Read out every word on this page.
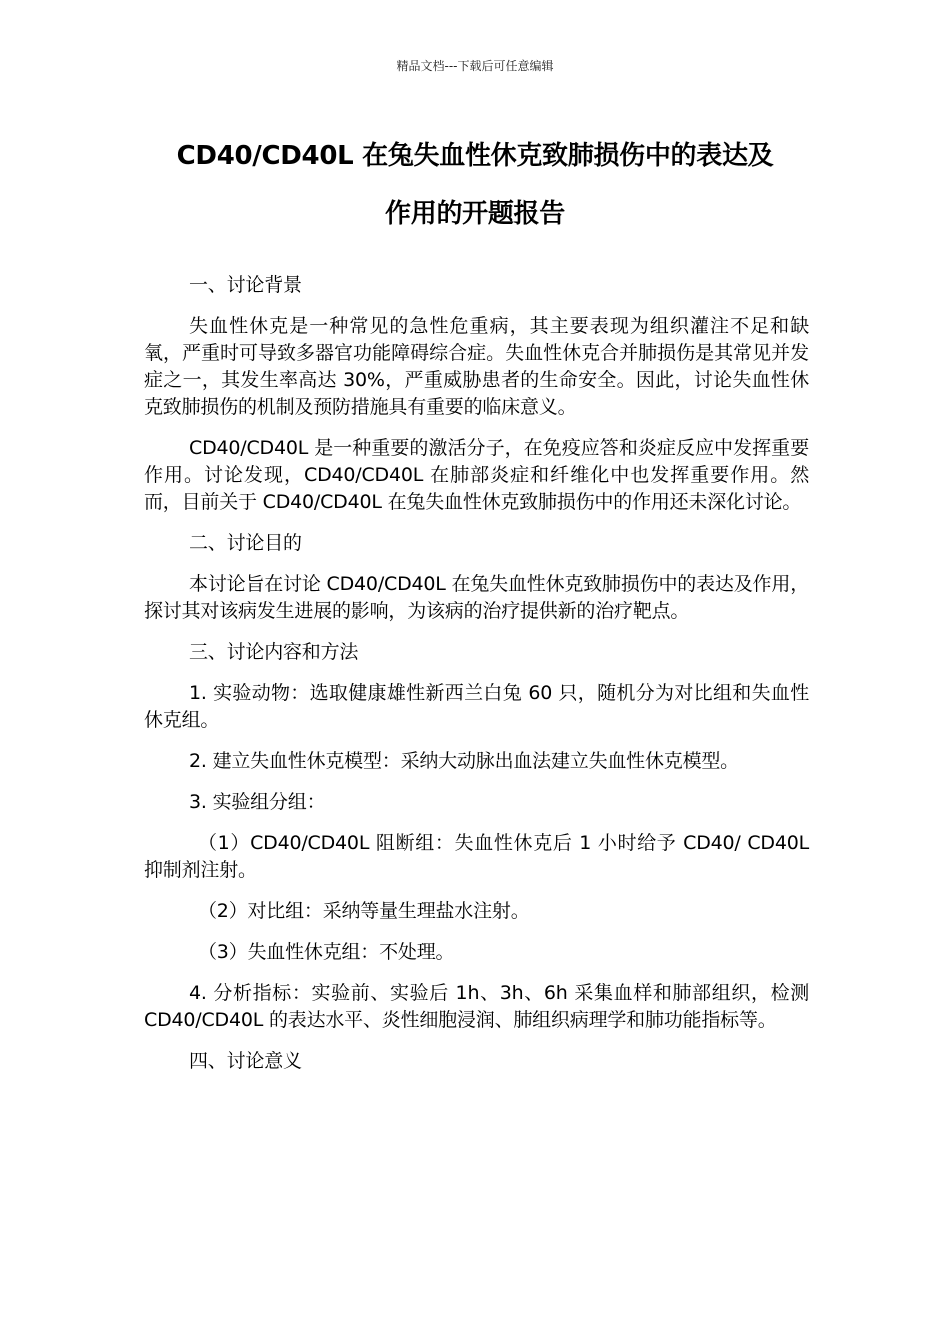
精品文档---下载后可任意编辑
CD40/CD40L 在兔失血性休克致肺损伤中的表达及
作用的开题报告

一、讨论背景

失血性休克是一种常见的急性危重病，其主要表现为组织灌注不足和缺氧，严重时可导致多器官功能障碍综合症。失血性休克合并肺损伤是其常见并发症之一，其发生率高达 30%，严重威胁患者的生命安全。因此，讨论失血性休克致肺损伤的机制及预防措施具有重要的临床意义。

CD40/CD40L 是一种重要的激活分子，在免疫应答和炎症反应中发挥重要作用。讨论发现，CD40/CD40L 在肺部炎症和纤维化中也发挥重要作用。然而，目前关于 CD40/CD40L 在兔失血性休克致肺损伤中的作用还未深化讨论。

二、讨论目的

本讨论旨在讨论 CD40/CD40L 在兔失血性休克致肺损伤中的表达及作用，探讨其对该病发生进展的影响，为该病的治疗提供新的治疗靶点。

三、讨论内容和方法

1. 实验动物：选取健康雄性新西兰白兔 60 只，随机分为对比组和失血性休克组。

2. 建立失血性休克模型：采纳大动脉出血法建立失血性休克模型。

3. 实验组分组：

（1）CD40/CD40L 阻断组：失血性休克后 1 小时给予 CD40/ CD40L 抑制剂注射。

（2）对比组：采纳等量生理盐水注射。

（3）失血性休克组：不处理。

4. 分析指标：实验前、实验后 1h、3h、6h 采集血样和肺部组织，检测 CD40/CD40L 的表达水平、炎性细胞浸润、肺组织病理学和肺功能指标等。

四、讨论意义
